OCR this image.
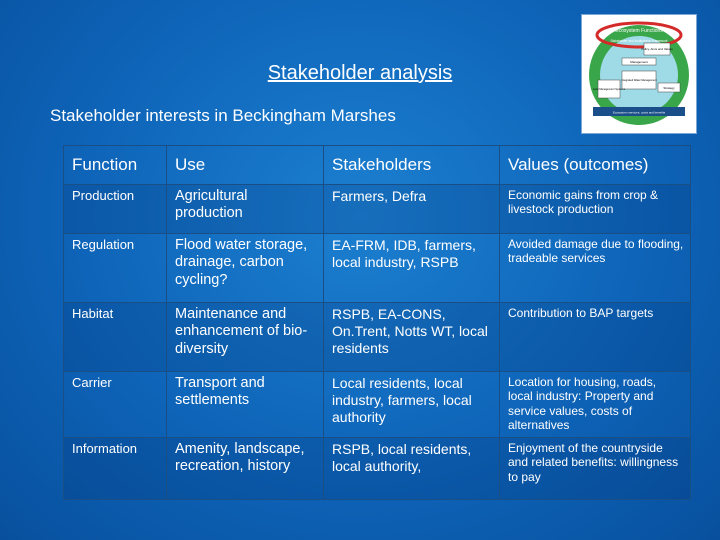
Stakeholder analysis
Stakeholder interests in Beckingham Marshes
Ecosystem Functions
Stakeholder and Institutional Framework
Policy, Aims and Values
Management
Integrated Water Management
Land Management Systems	Strategy
Ecosystem services, costs and benefits
Function	Use	Stakeholders	Values (outcomes)
Production	Agricultural production	Farmers, Defra	Economic gains from crop & livestock production
Regulation	Flood water storage, drainage, carbon cycling?	EA-FRM, IDB, farmers, local industry, RSPB	Avoided damage due to flooding, tradeable services
Habitat	Maintenance and enhancement of bio-diversity	RSPB, EA-CONS, On.Trent, Notts WT, local residents	Contribution to BAP targets
Carrier	Transport and settlements	Local residents, local industry, farmers, local authority	Location for housing, roads, local industry: Property and service values, costs of alternatives
Information	Amenity, landscape, recreation, history	RSPB, local residents, local authority,	Enjoyment of the countryside and related benefits: willingness to pay
